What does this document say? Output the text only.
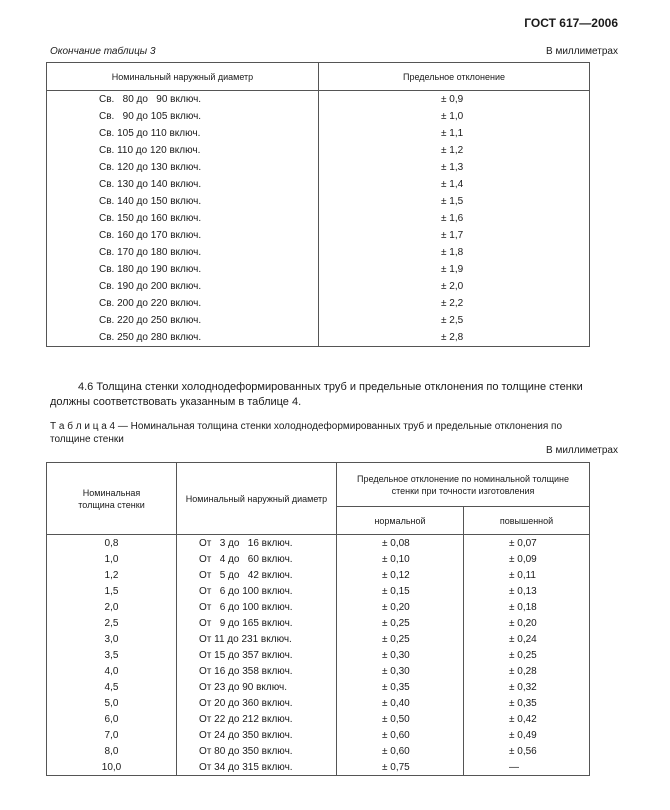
ГОСТ 617—2006
Окончание таблицы 3	В миллиметрах
Номинальный наружный диаметр	Предельное отклонение
Св.   80 до   90 включ.	± 0,9
Св.   90 до 105 включ.	± 1,0
Св. 105 до 110 включ.	± 1,1
Св. 110 до 120 включ.	± 1,2
Св. 120 до 130 включ.	± 1,3
Св. 130 до 140 включ.	± 1,4
Св. 140 до 150 включ.	± 1,5
Св. 150 до 160 включ.	± 1,6
Св. 160 до 170 включ.	± 1,7
Св. 170 до 180 включ.	± 1,8
Св. 180 до 190 включ.	± 1,9
Св. 190 до 200 включ.	± 2,0
Св. 200 до 220 включ.	± 2,2
Св. 220 до 250 включ.	± 2,5
Св. 250 до 280 включ.	± 2,8
4.6 Толщина стенки холоднодеформированных труб и предельные отклонения по толщине стенки должны соответствовать указанным в таблице 4.
Т а б л и ц а 4 — Номинальная толщина стенки холоднодеформированных труб и предельные отклонения по толщине стенки
В миллиметрах
Номинальная толщина стенки	Номинальный наружный диаметр	Предельное отклонение по номинальной толщине стенки при точности изготовления	
		нормальной	повышенной
0,8	От   3 до   16 включ.	± 0,08	± 0,07
1,0	От   4 до   60 включ.	± 0,10	± 0,09
1,2	От   5 до   42 включ.	± 0,12	± 0,11
1,5	От   6 до 100 включ.	± 0,15	± 0,13
2,0	От   6 до 100 включ.	± 0,20	± 0,18
2,5	От   9 до 165 включ.	± 0,25	± 0,20
3,0	От 11 до 231 включ.	± 0,25	± 0,24
3,5	От 15 до 357 включ.	± 0,30	± 0,25
4,0	От 16 до 358 включ.	± 0,30	± 0,28
4,5	От 23 до 90 включ.	± 0,35	± 0,32
5,0	От 20 до 360 включ.	± 0,40	± 0,35
6,0	От 22 до 212 включ.	± 0,50	± 0,42
7,0	От 24 до 350 включ.	± 0,60	± 0,49
8,0	От 80 до 350 включ.	± 0,60	± 0,56
10,0	От 34 до 315 включ.	± 0,75	—
